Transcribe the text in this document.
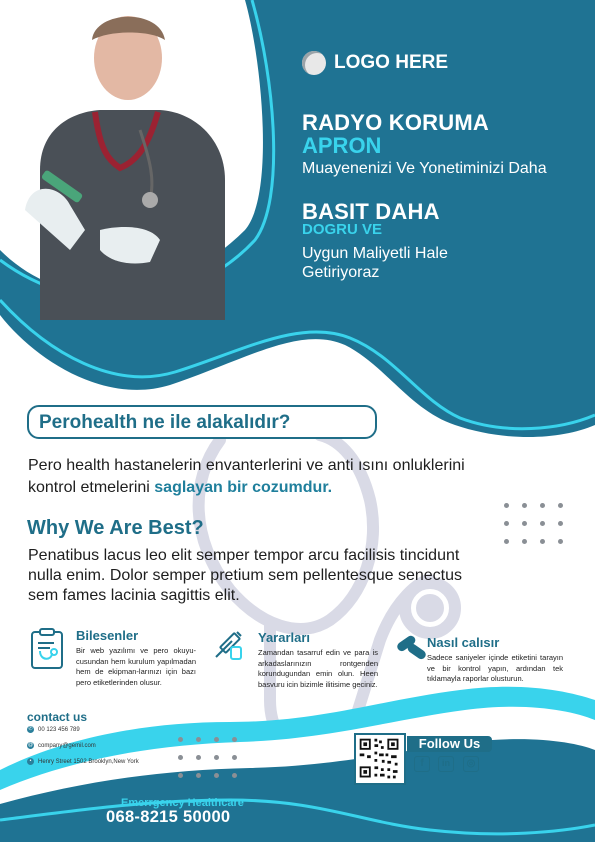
LOGO HERE
RADYO KORUMA
APRON
Muayenenizi Ve Yonetiminizi Daha
BASIT DAHA
DOGRU VE
Uygun Maliyetli Hale
Getiriyoraz
Perohealth ne ile alakalıdır?
Pero health hastanelerin envanterlerini ve anti ısını onluklerini
kontrol etmelerini saglayan bir cozumdur.
Why We Are Best?
Penatibus lacus leo elit semper tempor arcu facilisis tincidunt
nulla enim. Dolor semper pretium sem pellentesque senectus
sem fames lacinia sagittis elit.
Bilesenler
Bir web yazılımı ve pero okuyu-cusundan hem kurulum yapılmadan hem de ekipman-larınızı için bazı pero etiketlerinden olusur.
Yararları
Zamandan tasarruf edin ve para is arkadaslarınızın rontgenden korundugundan emin olun. Heen basvuru icin bizimle ilitisime geciniz.
Nasıl calısır
Sadece saniyeler içinde etiketini tarayın ve bir kontrol yapın, ardından tek tıklamayla raporlar olusturun.
contact us
✆ 00 123 456 789
@ company@gemil.com
•	Henry Street 1502 Brooklyn,New York
Follow Us
f	in	◎
Emerrgency Healthcare
068-8215 50000
